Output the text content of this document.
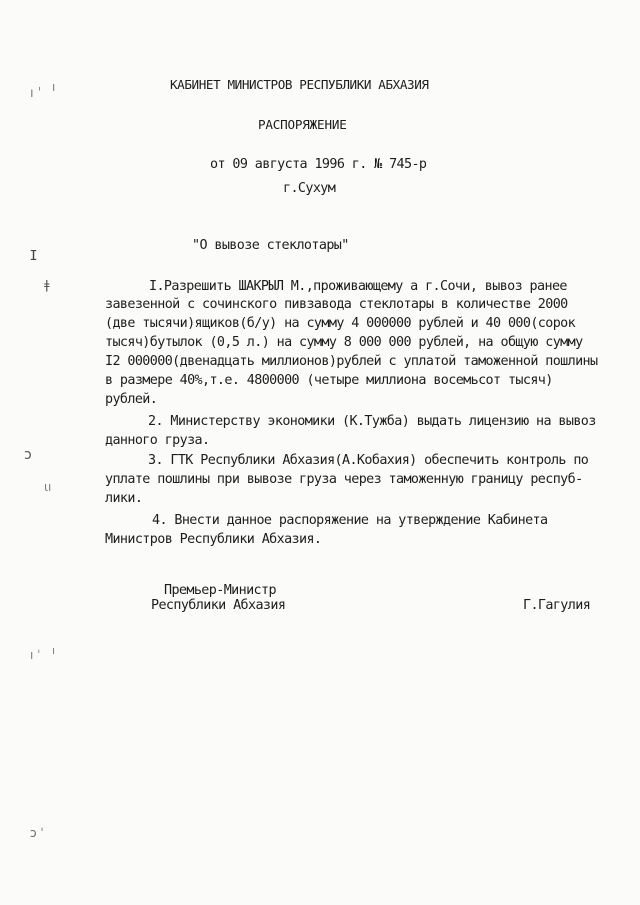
КАБИНЕТ МИНИСТРОВ РЕСПУБЛИКИ АБХАЗИЯ
РАСПОРЯЖЕНИЕ
от 09 августа 1996 г. № 745-р
г.Сухум
"О вывозе стеклотары"
I.Разрешить ШАКРЫЛ М.,проживающему а г.Сочи, вывоз ранее
завезенной с сочинского пивзавода стеклотары в количестве 2000
(две тысячи)ящиков(б/у) на сумму 4 000000 рублей и 40 000(сорок
тысяч)бутылок (0,5 л.) на сумму 8 000 000 рублей, на общую сумму
I2 000000(двенадцать миллионов)рублей с уплатой таможенной пошлины
в размере 40%,т.е. 4800000 (четыре миллиона восемьсот тысяч)
рублей.
2. Министерству экономики (К.Тужба) выдать лицензию на вывоз
данного груза.
3. ГТК Республики Абхазия(А.Кобахия) обеспечить контроль по
уплате пошлины при вывозе груза через таможенную границу респуб-
лики.
4. Внести данное распоряжение на утверждение Кабинета
Министров Республики Абхазия.
Премьер-Министр
Республики Абхазия	Г.Гагулия
ı ˈ ı
ⵊ
ǂ
ↄ
ɩı
ı ˈ ı
ɔ ˈ
